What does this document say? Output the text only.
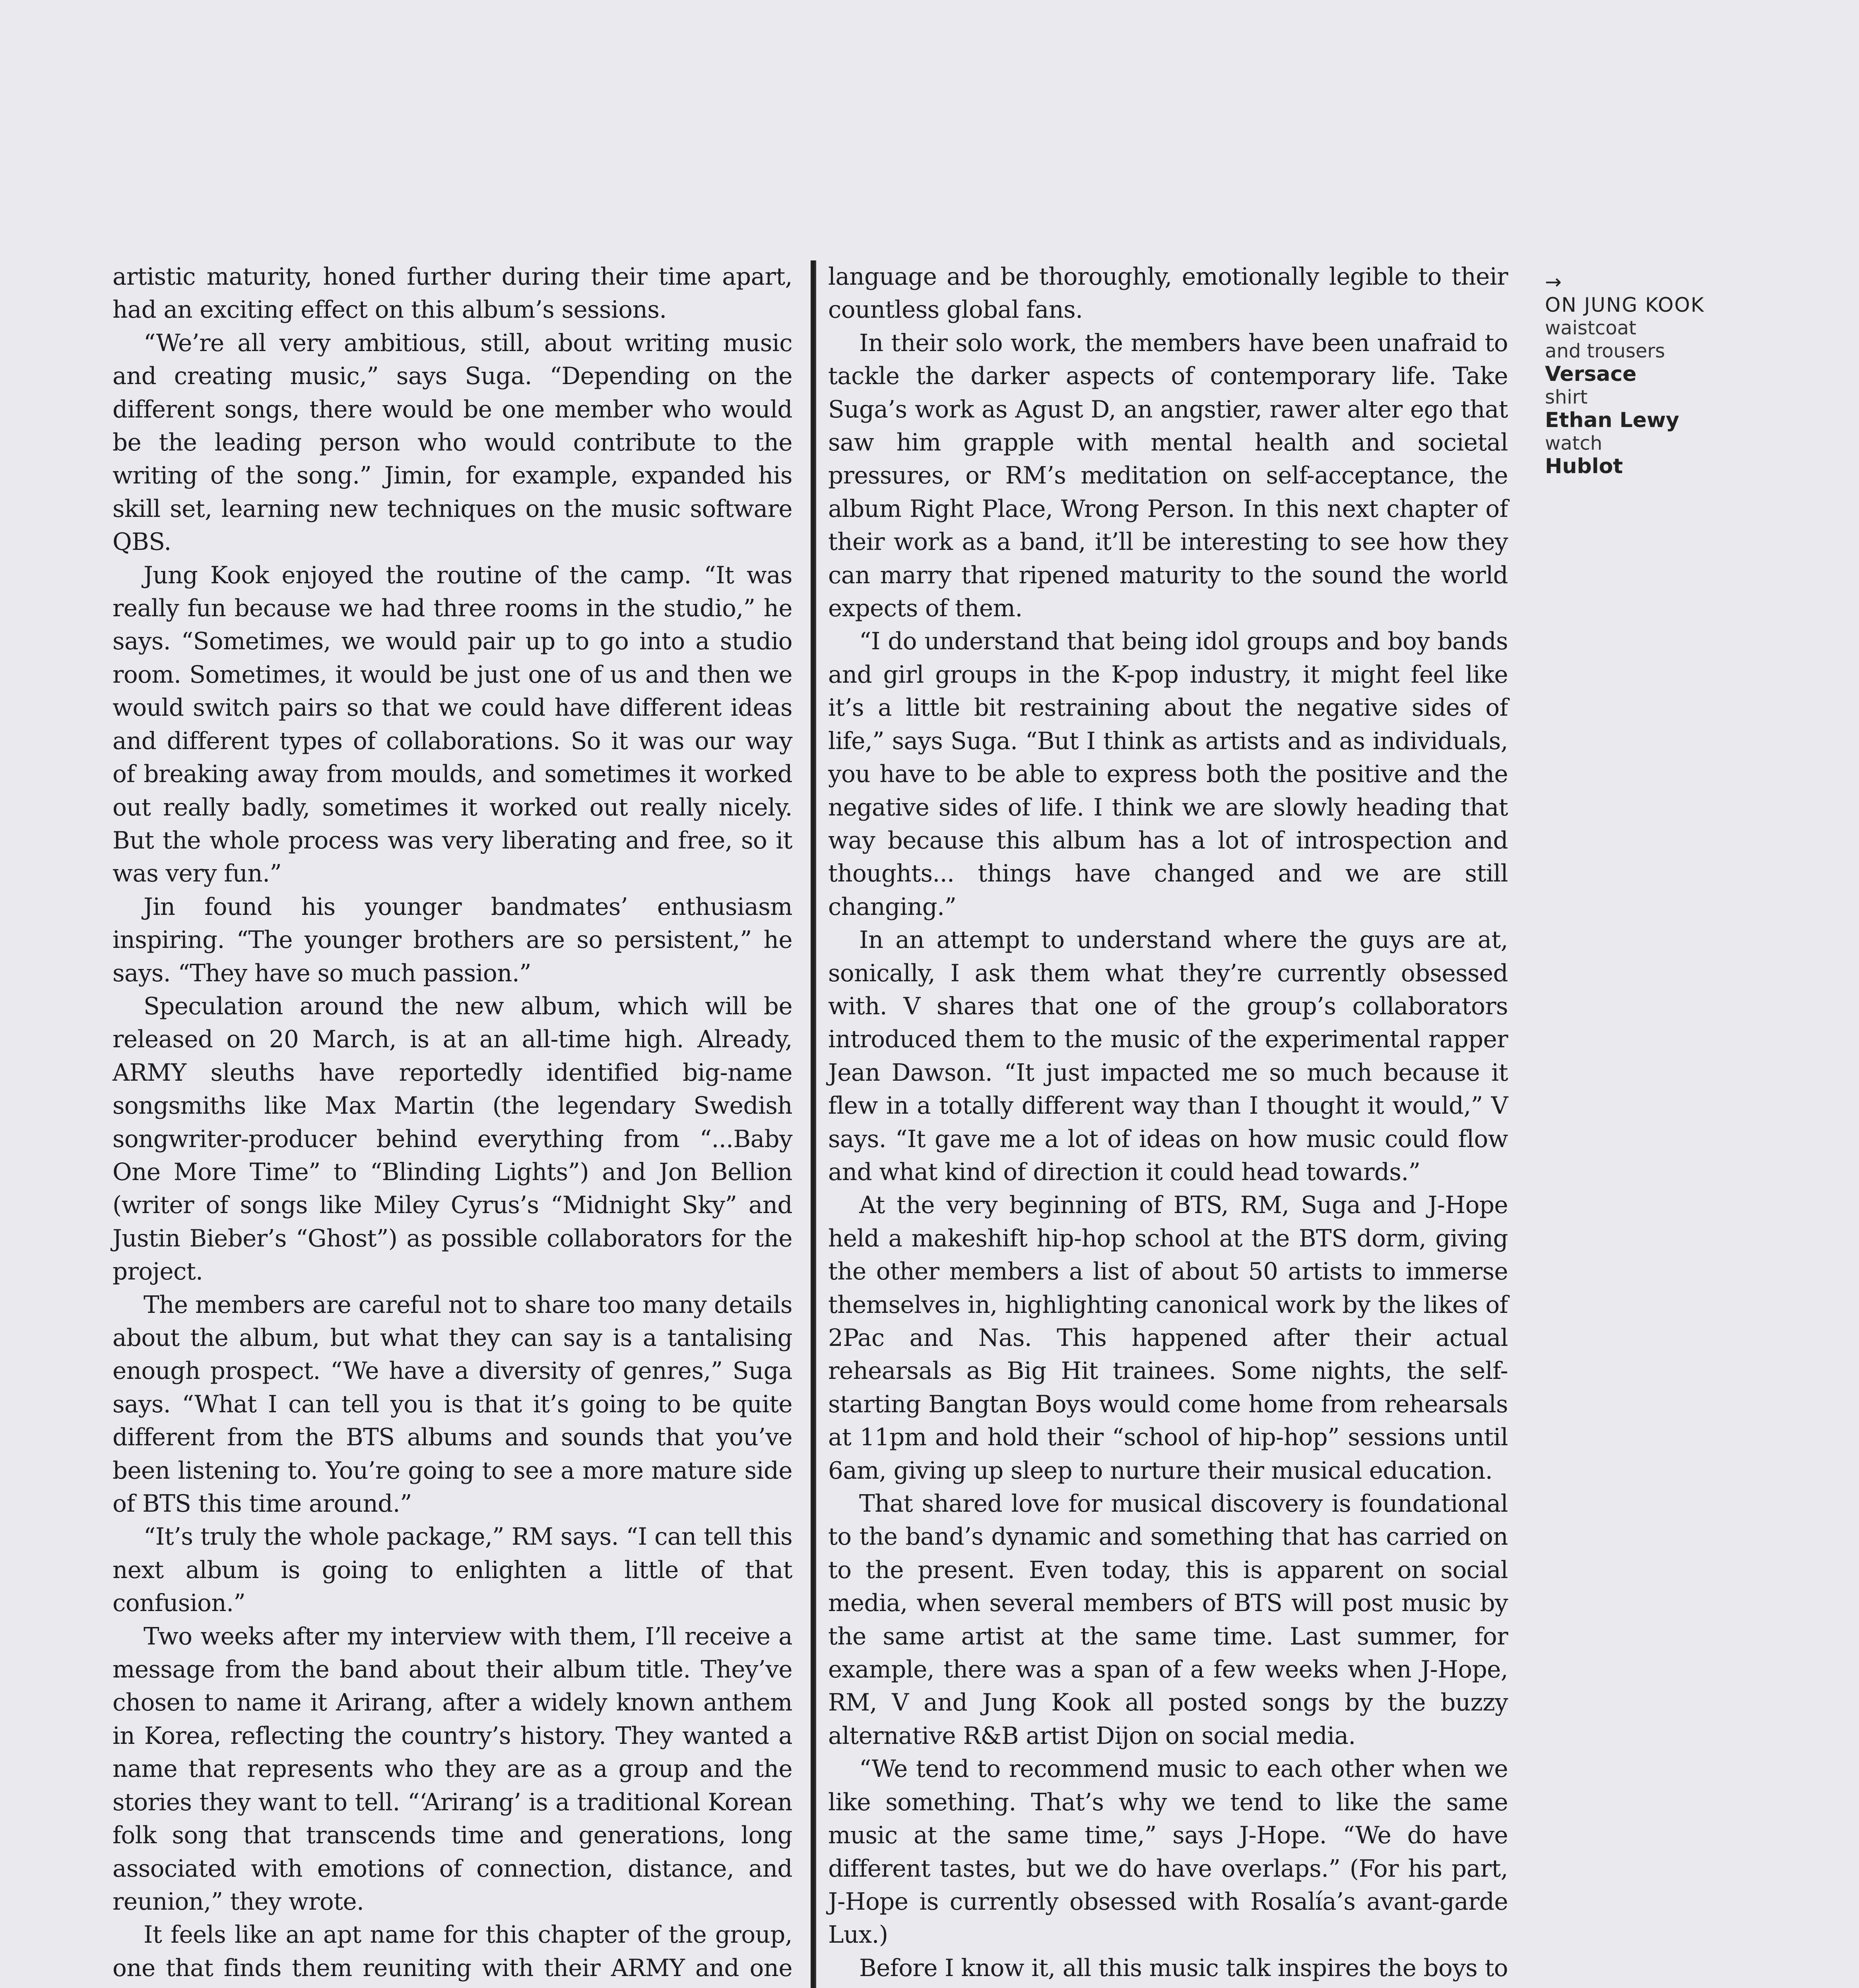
artistic maturity, honed further during their time apart, had an exciting effect on this album’s sessions.

“We’re all very ambitious, still, about writing music and creating music,” says Suga. “Depending on the different songs, there would be one member who would be the leading person who would contribute to the writing of the song.” Jimin, for example, expanded his skill set, learning new techniques on the music software QBS.

Jung Kook enjoyed the routine of the camp. “It was really fun because we had three rooms in the studio,” he says. “Sometimes, we would pair up to go into a studio room. Sometimes, it would be just one of us and then we would switch pairs so that we could have different ideas and different types of collaborations. So it was our way of breaking away from moulds, and sometimes it worked out really badly, sometimes it worked out really nicely. But the whole process was very liberating and free, so it was very fun.”

Jin found his younger bandmates’ enthusiasm inspiring. “The younger brothers are so persistent,” he says. “They have so much passion.”

Speculation around the new album, which will be released on 20 March, is at an all-time high. Already, ARMY sleuths have reportedly identified big-name songsmiths like Max Martin (the legendary Swedish songwriter-producer behind everything from “...Baby One More Time” to “Blinding Lights”) and Jon Bellion (writer of songs like Miley Cyrus’s “Midnight Sky” and Justin Bieber’s “Ghost”) as possible collaborators for the project.

The members are careful not to share too many details about the album, but what they can say is a tantalising enough prospect. “We have a diversity of genres,” Suga says. “What I can tell you is that it’s going to be quite different from the BTS albums and sounds that you’ve been listening to. You’re going to see a more mature side of BTS this time around.”

“It’s truly the whole package,” RM says. “I can tell this next album is going to enlighten a little of that confusion.”

Two weeks after my interview with them, I’ll receive a message from the band about their album title. They’ve chosen to name it Arirang, after a widely known anthem in Korea, reflecting the country’s history. They wanted a name that represents who they are as a group and the stories they want to tell. “‘Arirang’ is a traditional Korean folk song that transcends time and generations, long associated with emotions of connection, distance, and reunion,” they wrote.

It feels like an apt name for this chapter of the group, one that finds them reuniting with their ARMY and one

language and be thoroughly, emotionally legible to their countless global fans.

In their solo work, the members have been unafraid to tackle the darker aspects of contemporary life. Take Suga’s work as Agust D, an angstier, rawer alter ego that saw him grapple with mental health and societal pressures, or RM’s meditation on self-acceptance, the album Right Place, Wrong Person. In this next chapter of their work as a band, it’ll be interesting to see how they can marry that ripened maturity to the sound the world expects of them.

“I do understand that being idol groups and boy bands and girl groups in the K-pop industry, it might feel like it’s a little bit restraining about the negative sides of life,” says Suga. “But I think as artists and as individuals, you have to be able to express both the positive and the negative sides of life. I think we are slowly heading that way because this album has a lot of introspection and thoughts... things have changed and we are still changing.”

In an attempt to understand where the guys are at, sonically, I ask them what they’re currently obsessed with. V shares that one of the group’s collaborators introduced them to the music of the experimental rapper Jean Dawson. “It just impacted me so much because it flew in a totally different way than I thought it would,” V says. “It gave me a lot of ideas on how music could flow and what kind of direction it could head towards.”

At the very beginning of BTS, RM, Suga and J-Hope held a makeshift hip-hop school at the BTS dorm, giving the other members a list of about 50 artists to immerse themselves in, highlighting canonical work by the likes of 2Pac and Nas. This happened after their actual rehearsals as Big Hit trainees. Some nights, the self-starting Bangtan Boys would come home from rehearsals at 11pm and hold their “school of hip-hop” sessions until 6am, giving up sleep to nurture their musical education.

That shared love for musical discovery is foundational to the band’s dynamic and something that has carried on to the present. Even today, this is apparent on social media, when several members of BTS will post music by the same artist at the same time. Last summer, for example, there was a span of a few weeks when J-Hope, RM, V and Jung Kook all posted songs by the buzzy alternative R&B artist Dijon on social media.

“We tend to recommend music to each other when we like something. That’s why we tend to like the same music at the same time,” says J-Hope. “We do have different tastes, but we do have overlaps.” (For his part, J-Hope is currently obsessed with Rosalía’s avant-garde Lux.)

Before I know it, all this music talk inspires the boys to

→
ON JUNG KOOK
waistcoat
and trousers
Versace
shirt
Ethan Lewy
watch
Hublot
